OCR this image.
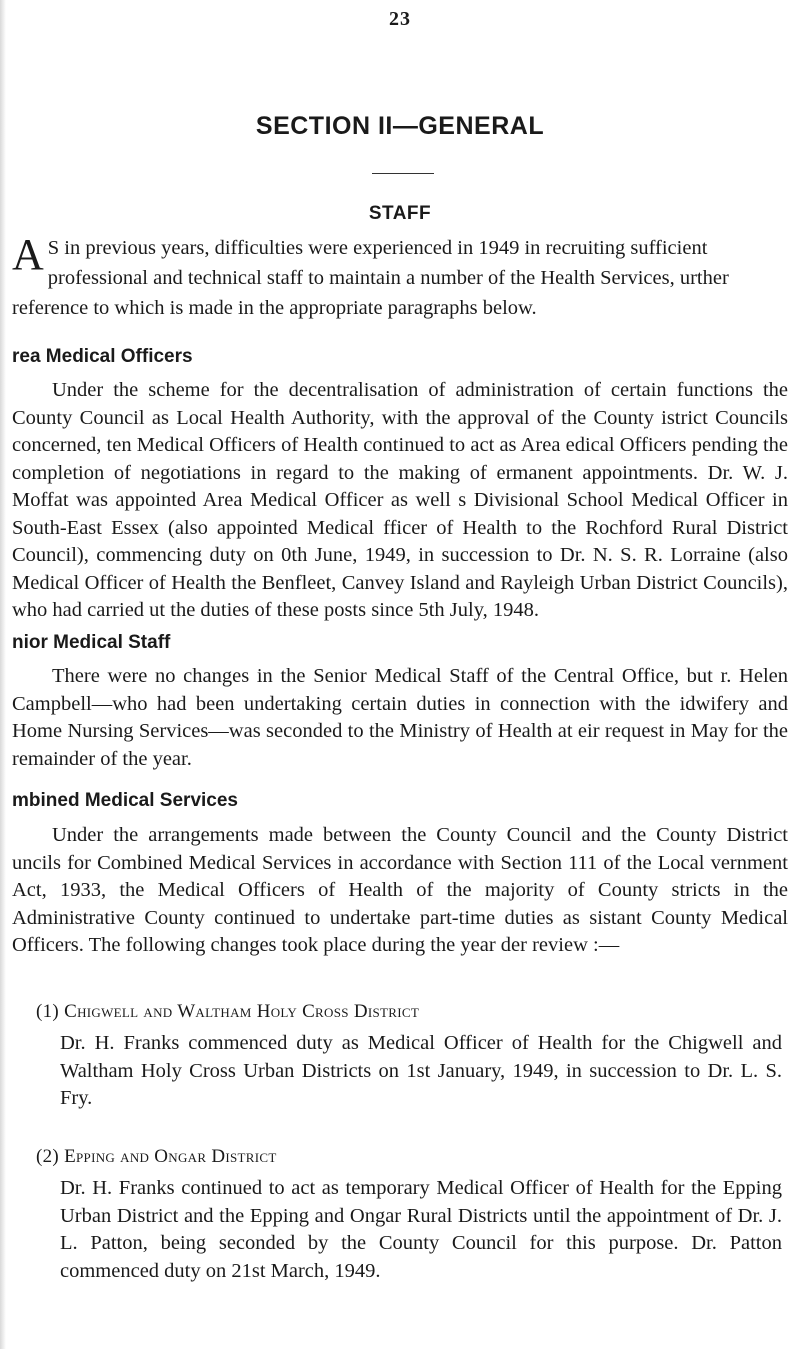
23
SECTION II—GENERAL
STAFF
A S in previous years, difficulties were experienced in 1949 in recruiting sufficient professional and technical staff to maintain a number of the Health Services, urther reference to which is made in the appropriate paragraphs below.
rea Medical Officers
Under the scheme for the decentralisation of administration of certain functions the County Council as Local Health Authority, with the approval of the County istrict Councils concerned, ten Medical Officers of Health continued to act as Area edical Officers pending the completion of negotiations in regard to the making of ermanent appointments. Dr. W. J. Moffat was appointed Area Medical Officer as well s Divisional School Medical Officer in South-East Essex (also appointed Medical fficer of Health to the Rochford Rural District Council), commencing duty on 0th June, 1949, in succession to Dr. N. S. R. Lorraine (also Medical Officer of Health the Benfleet, Canvey Island and Rayleigh Urban District Councils), who had carried ut the duties of these posts since 5th July, 1948.
nior Medical Staff
There were no changes in the Senior Medical Staff of the Central Office, but r. Helen Campbell—who had been undertaking certain duties in connection with the idwifery and Home Nursing Services—was seconded to the Ministry of Health at eir request in May for the remainder of the year.
mbined Medical Services
Under the arrangements made between the County Council and the County District uncils for Combined Medical Services in accordance with Section 111 of the Local vernment Act, 1933, the Medical Officers of Health of the majority of County stricts in the Administrative County continued to undertake part-time duties as sistant County Medical Officers. The following changes took place during the year der review :—
(1) Chigwell and Waltham Holy Cross District
Dr. H. Franks commenced duty as Medical Officer of Health for the Chigwell and Waltham Holy Cross Urban Districts on 1st January, 1949, in succession to Dr. L. S. Fry.
(2) Epping and Ongar District
Dr. H. Franks continued to act as temporary Medical Officer of Health for the Epping Urban District and the Epping and Ongar Rural Districts until the appointment of Dr. J. L. Patton, being seconded by the County Council for this purpose. Dr. Patton commenced duty on 21st March, 1949.
